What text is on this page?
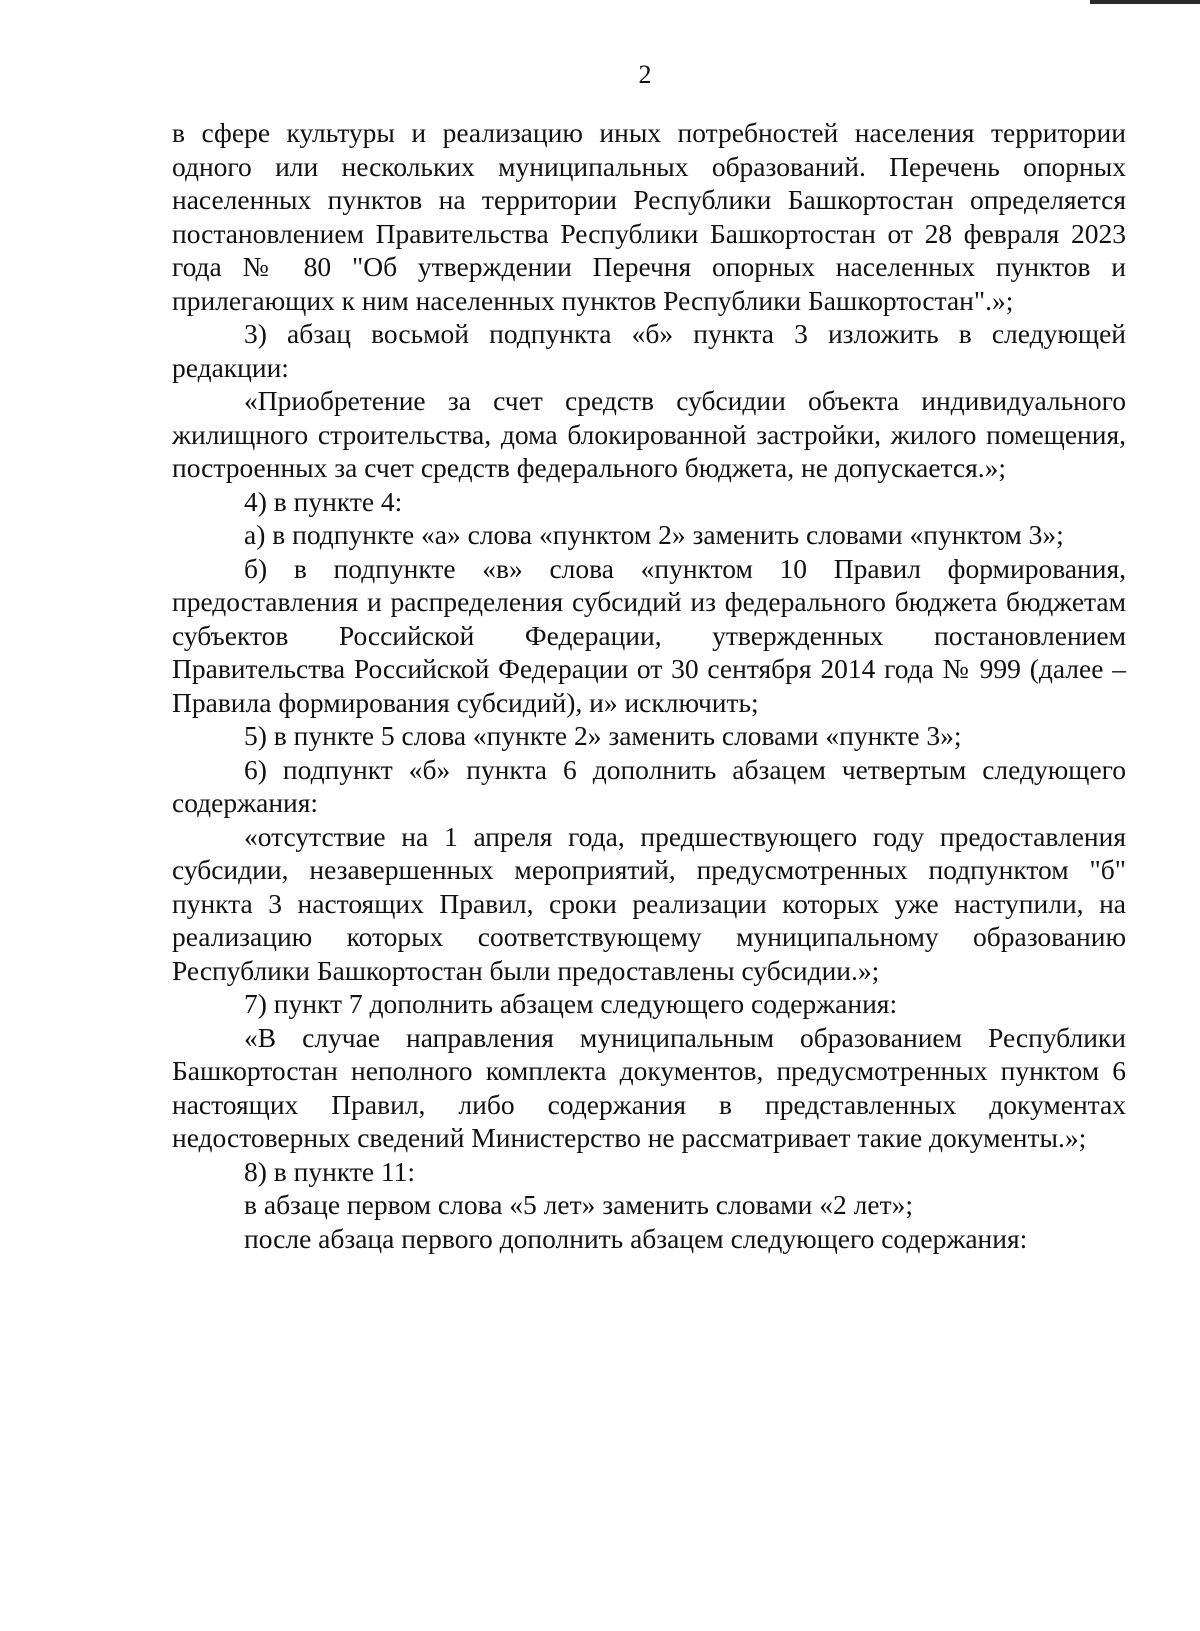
2

в сфере культуры и реализацию иных потребностей населения территории одного или нескольких муниципальных образований. Перечень опорных населенных пунктов на территории Республики Башкортостан определяется постановлением Правительства Республики Башкортостан от 28 февраля 2023 года № 80 "Об утверждении Перечня опорных населенных пунктов и прилегающих к ним населенных пунктов Республики Башкортостан".»;

3) абзац восьмой подпункта «б» пункта 3 изложить в следующей редакции:

«Приобретение за счет средств субсидии объекта индивидуального жилищного строительства, дома блокированной застройки, жилого помещения, построенных за счет средств федерального бюджета, не допускается.»;

4) в пункте 4:

а) в подпункте «а» слова «пунктом 2» заменить словами «пунктом 3»;

б) в подпункте «в» слова «пунктом 10 Правил формирования, предоставления и распределения субсидий из федерального бюджета бюджетам субъектов Российской Федерации, утвержденных постановлением Правительства Российской Федерации от 30 сентября 2014 года № 999 (далее – Правила формирования субсидий), и» исключить;

5) в пункте 5 слова «пункте 2» заменить словами «пункте 3»;

6) подпункт «б» пункта 6 дополнить абзацем четвертым следующего содержания:

«отсутствие на 1 апреля года, предшествующего году предоставления субсидии, незавершенных мероприятий, предусмотренных подпунктом "б" пункта 3 настоящих Правил, сроки реализации которых уже наступили, на реализацию которых соответствующему муниципальному образованию Республики Башкортостан были предоставлены субсидии.»;

7) пункт 7 дополнить абзацем следующего содержания:

«В случае направления муниципальным образованием Республики Башкортостан неполного комплекта документов, предусмотренных пунктом 6 настоящих Правил, либо содержания в представленных документах недостоверных сведений Министерство не рассматривает такие документы.»;

8) в пункте 11:

в абзаце первом слова «5 лет» заменить словами «2 лет»;

после абзаца первого дополнить абзацем следующего содержания:
